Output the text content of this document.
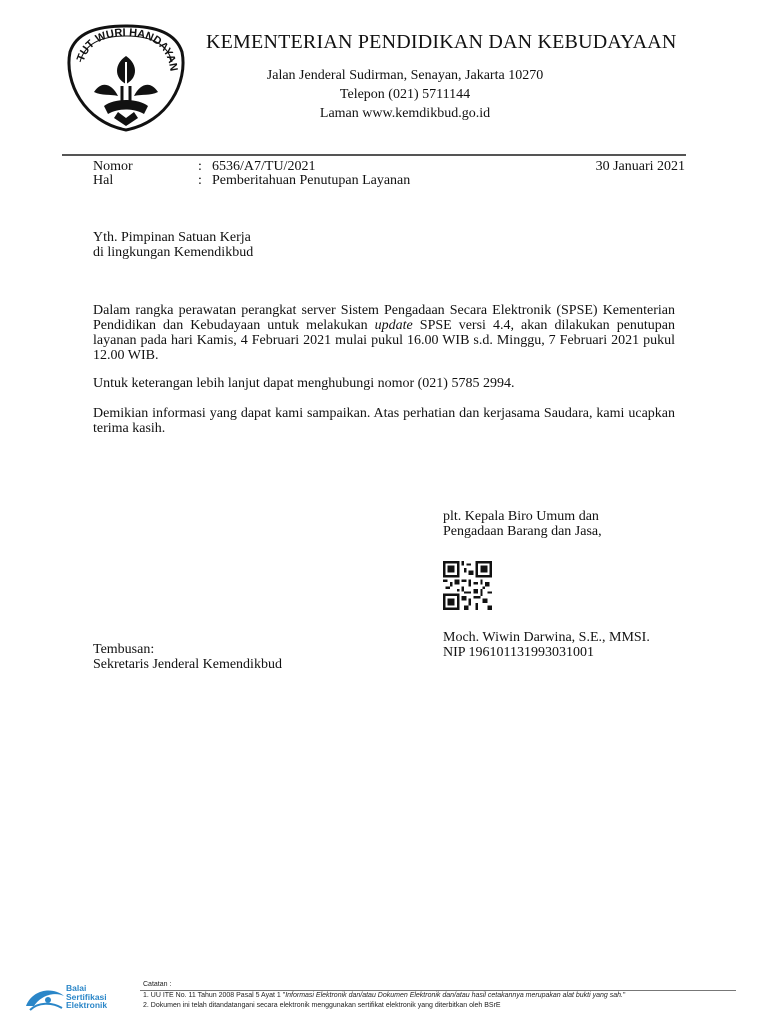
TUT WURI HANDAYAN
KEMENTERIAN PENDIDIKAN DAN KEBUDAYAAN
Jalan Jenderal Sudirman, Senayan, Jakarta 10270
Telepon (021) 5711144
Laman www.kemdikbud.go.id
Nomor	: 6536/A7/TU/2021
Hal	: Pemberitahuan Penutupan Layanan
30 Januari 2021
Yth. Pimpinan Satuan Kerja
di lingkungan Kemendikbud
Dalam rangka perawatan perangkat server Sistem Pengadaan Secara Elektronik (SPSE) Kementerian Pendidikan dan Kebudayaan untuk melakukan update SPSE versi 4.4, akan dilakukan penutupan layanan pada hari Kamis, 4 Februari 2021 mulai pukul 16.00 WIB s.d. Minggu, 7 Februari 2021 pukul 12.00 WIB.
Untuk keterangan lebih lanjut dapat menghubungi nomor (021) 5785 2994.
Demikian informasi yang dapat kami sampaikan. Atas perhatian dan kerjasama Saudara, kami ucapkan terima kasih.
plt. Kepala Biro Umum dan
Pengadaan Barang dan Jasa,
Moch. Wiwin Darwina, S.E., MMSI.
NIP 196101131993031001
Tembusan:
Sekretaris Jenderal Kemendikbud
Balai
Sertifikasi
Elektronik
Catatan :
1. UU ITE No. 11 Tahun 2008 Pasal 5 Ayat 1 "Informasi Elektronik dan/atau Dokumen Elektronik dan/atau hasil cetakannya merupakan alat bukti yang sah."
2. Dokumen ini telah ditandatangani secara elektronik menggunakan sertifikat elektronik yang diterbitkan oleh BSrE
